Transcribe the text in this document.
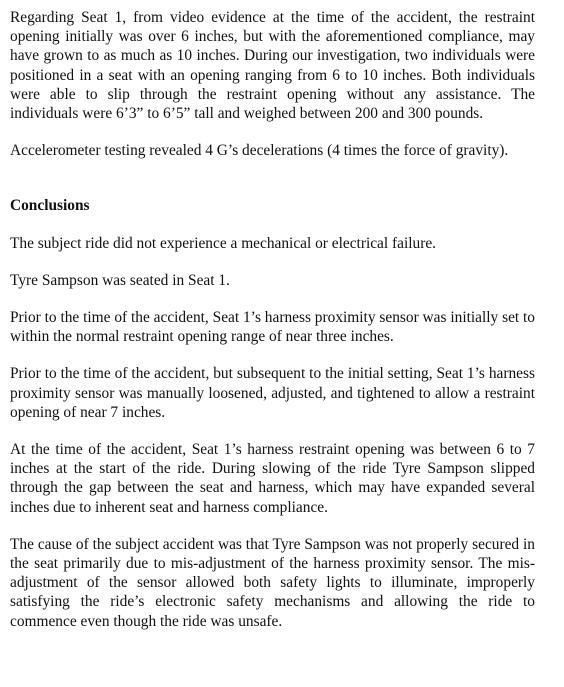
Regarding Seat 1, from video evidence at the time of the accident, the restraint opening initially was over 6 inches, but with the aforementioned compliance, may have grown to as much as 10 inches. During our investigation, two individuals were positioned in a seat with an opening ranging from 6 to 10 inches. Both individuals were able to slip through the restraint opening without any assistance. The individuals were 6’3” to 6’5” tall and weighed between 200 and 300 pounds.

Accelerometer testing revealed 4 G’s decelerations (4 times the force of gravity).

Conclusions

The subject ride did not experience a mechanical or electrical failure.

Tyre Sampson was seated in Seat 1.

Prior to the time of the accident, Seat 1’s harness proximity sensor was initially set to within the normal restraint opening range of near three inches.

Prior to the time of the accident, but subsequent to the initial setting, Seat 1’s harness proximity sensor was manually loosened, adjusted, and tightened to allow a restraint opening of near 7 inches.

At the time of the accident, Seat 1’s harness restraint opening was between 6 to 7 inches at the start of the ride. During slowing of the ride Tyre Sampson slipped through the gap between the seat and harness, which may have expanded several inches due to inherent seat and harness compliance.

The cause of the subject accident was that Tyre Sampson was not properly secured in the seat primarily due to mis-adjustment of the harness proximity sensor. The mis-adjustment of the sensor allowed both safety lights to illuminate, improperly satisfying the ride’s electronic safety mechanisms and allowing the ride to commence even though the ride was unsafe.
